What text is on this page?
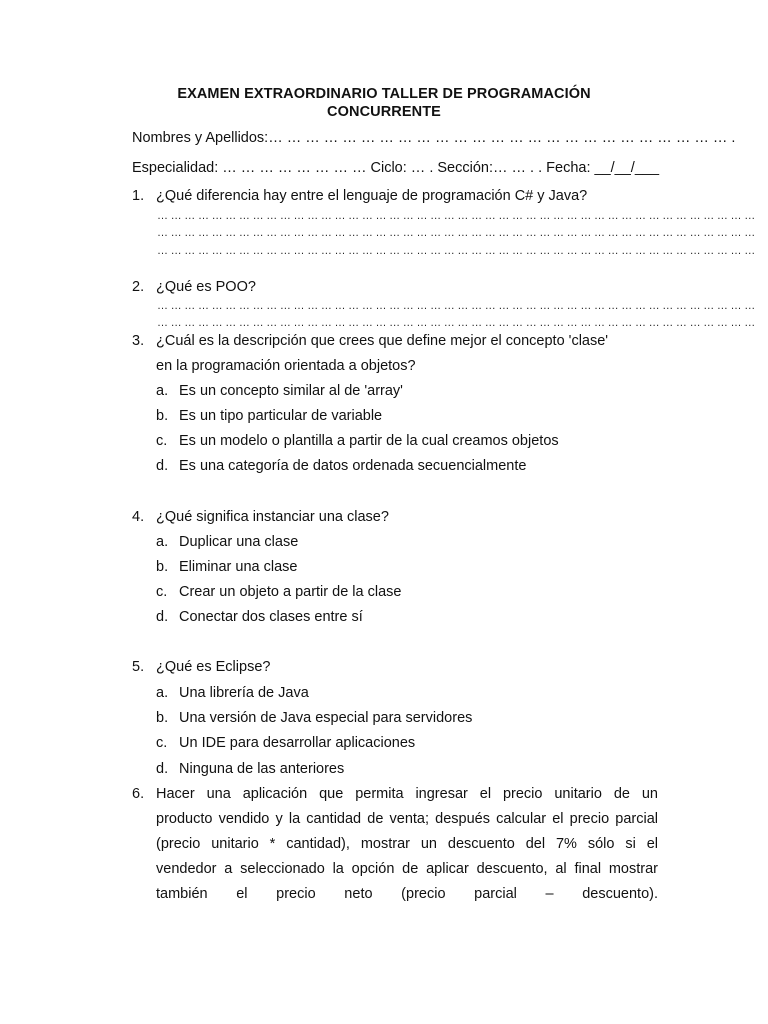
EXAMEN EXTRAORDINARIO TALLER DE PROGRAMACIÓN
CONCURRENTE
Nombres y Apellidos:… … … … … … … … … … … … … … … … … … … … … … … … … .
Especialidad: … … … … … … … … Ciclo: … . Sección:… … . . Fecha: __/__/___
1. ¿Qué diferencia hay entre el lenguaje de programación C# y Java?
… … … … … … … … … … … … … … … … … … … … … … … … … … … … … … … … … … … … … … … … … … … …
… … … … … … … … … … … … … … … … … … … … … … … … … … … … … … … … … … … … … … … … … … … …
… … … … … … … … … … … … … … … … … … … … … … … … … … … … … … … … … … … … … … … … … … … …
2. ¿Qué es POO?
… … … … … … … … … … … … … … … … … … … … … … … … … … … … … … … … … … … … … … … … … … … …
… … … … … … … … … … … … … … … … … … … … … … … … … … … … … … … … … … … … … … … … … … … …
3. ¿Cuál es la descripción que crees que define mejor el concepto 'clase'
en la programación orientada a objetos?
a. Es un concepto similar al de 'array'
b. Es un tipo particular de variable
c. Es un modelo o plantilla a partir de la cual creamos objetos
d. Es una categoría de datos ordenada secuencialmente
4. ¿Qué significa instanciar una clase?
a. Duplicar una clase
b. Eliminar una clase
c. Crear un objeto a partir de la clase
d. Conectar dos clases entre sí
5. ¿Qué es Eclipse?
a. Una librería de Java
b. Una versión de Java especial para servidores
c. Un IDE para desarrollar aplicaciones
d. Ninguna de las anteriores
6. Hacer una aplicación que permita ingresar el precio unitario de un
producto vendido y la cantidad de venta; después calcular el precio parcial
(precio unitario * cantidad), mostrar un descuento del 7% sólo si el
vendedor a seleccionado la opción de aplicar descuento, al final mostrar
también el precio neto (precio parcial – descuento).
